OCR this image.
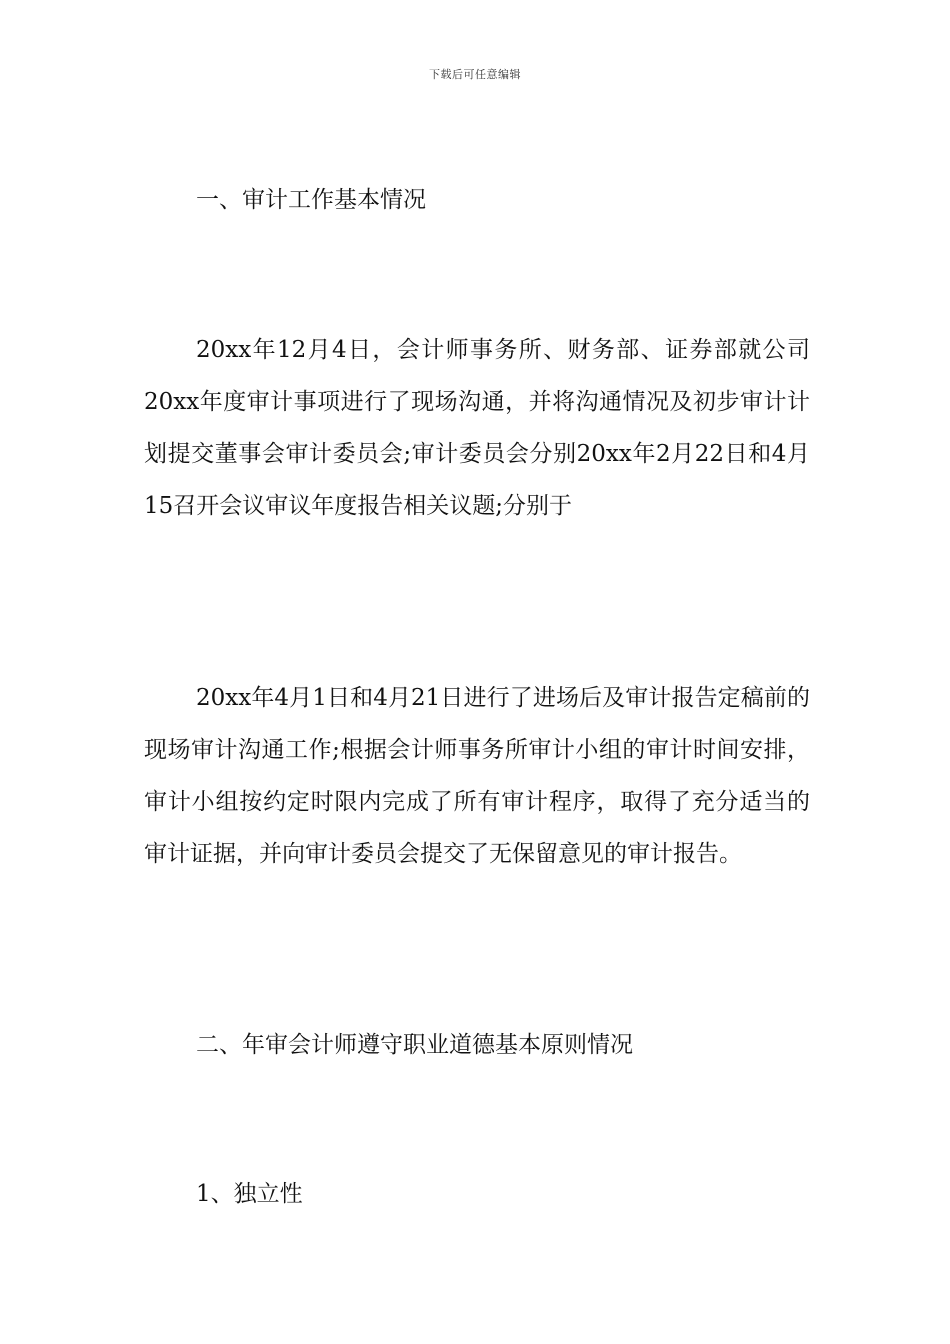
下载后可任意编辑

一、审计工作基本情况

20xx年12月4日，会计师事务所、财务部、证券部就公司20xx年度审计事项进行了现场沟通，并将沟通情况及初步审计计划提交董事会审计委员会;审计委员会分别20xx年2月22日和4月15召开会议审议年度报告相关议题;分别于

20xx年4月1日和4月21日进行了进场后及审计报告定稿前的现场审计沟通工作;根据会计师事务所审计小组的审计时间安排，审计小组按约定时限内完成了所有审计程序，取得了充分适当的审计证据，并向审计委员会提交了无保留意见的审计报告。

二、年审会计师遵守职业道德基本原则情况

1、独立性
